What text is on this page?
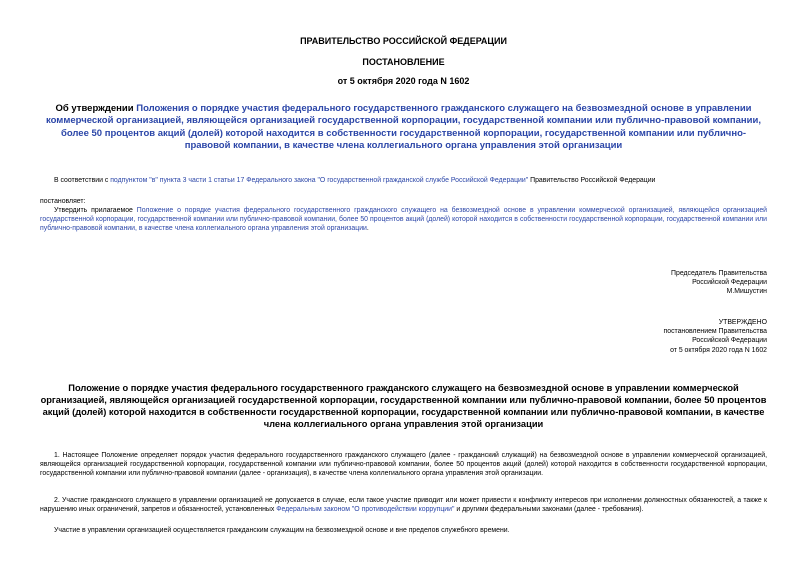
ПРАВИТЕЛЬСТВО РОССИЙСКОЙ ФЕДЕРАЦИИ
ПОСТАНОВЛЕНИЕ
от 5 октября 2020 года N 1602
Об утверждении Положения о порядке участия федерального государственного гражданского служащего на безвозмездной основе в управлении коммерческой организацией, являющейся организацией государственной корпорации, государственной компании или публично-правовой компании, более 50 процентов акций (долей) которой находится в собственности государственной корпорации, государственной компании или публично-правовой компании, в качестве члена коллегиального органа управления этой организации
В соответствии с подпунктом "в" пункта 3 части 1 статьи 17 Федерального закона "О государственной гражданской службе Российской Федерации" Правительство Российской Федерации
постановляет:
Утвердить прилагаемое Положение о порядке участия федерального государственного гражданского служащего на безвозмездной основе в управлении коммерческой организацией, являющейся организацией государственной корпорации, государственной компании или публично-правовой компании, более 50 процентов акций (долей) которой находится в собственности государственной корпорации, государственной компании или публично-правовой компании, в качестве члена коллегиального органа управления этой организации.
Председатель Правительства
Российской Федерации
М.Мишустин
УТВЕРЖДЕНО
постановлением Правительства
Российской Федерации
от 5 октября 2020 года N 1602
Положение о порядке участия федерального государственного гражданского служащего на безвозмездной основе в управлении коммерческой организацией, являющейся организацией государственной корпорации, государственной компании или публично-правовой компании, более 50 процентов акций (долей) которой находится в собственности государственной корпорации, государственной компании или публично-правовой компании, в качестве члена коллегиального органа управления этой организации
1. Настоящее Положение определяет порядок участия федерального государственного гражданского служащего (далее - гражданский служащий) на безвозмездной основе в управлении коммерческой организацией, являющейся организацией государственной корпорации, государственной компании или публично-правовой компании, более 50 процентов акций (долей) которой находится в собственности государственной корпорации, государственной компании или публично-правовой компании (далее - организация), в качестве члена коллегиального органа управления этой организации.
2. Участие гражданского служащего в управлении организацией не допускается в случае, если такое участие приводит или может привести к конфликту интересов при исполнении должностных обязанностей, а также к нарушению иных ограничений, запретов и обязанностей, установленных Федеральным законом "О противодействии коррупции" и другими федеральными законами (далее - требования).
Участие в управлении организацией осуществляется гражданским служащим на безвозмездной основе и вне пределов служебного времени.
